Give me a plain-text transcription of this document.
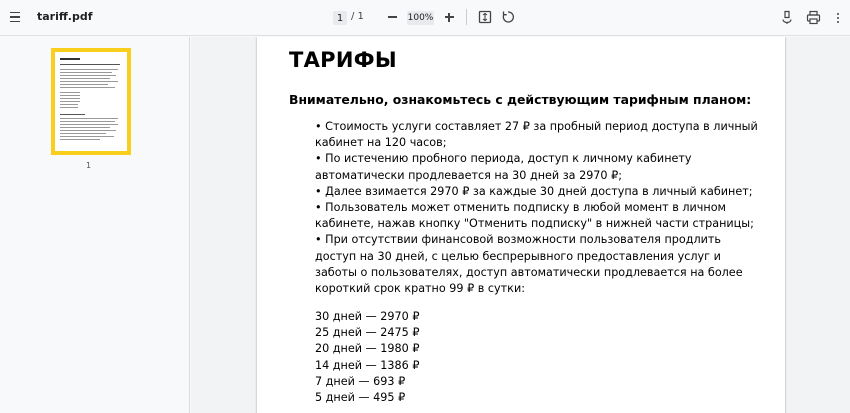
tariff.pdf	1 / 1	100%
1
ТАРИФЫ
Внимательно, ознакомьтесь с действующим тарифным планом:

• Стоимость услуги составляет 27 ₽ за пробный период доступа в личный кабинет на 120 часов;

• По истечению пробного периода, доступ к личному кабинету автоматически продлевается на 30 дней за 2970 ₽;

• Далее взимается 2970 ₽ за каждые 30 дней доступа в личный кабинет;

• Пользователь может отменить подписку в любой момент в личном кабинете, нажав кнопку "Отменить подписку" в нижней части страницы;

• При отсутствии финансовой возможности пользователя продлить доступ на 30 дней, с целью беспрерывного предоставления услуг и заботы о пользователях, доступ автоматически продлевается на более короткий срок кратно 99 ₽ в сутки:

30 дней — 2970 ₽

25 дней — 2475 ₽

20 дней — 1980 ₽

14 дней — 1386 ₽

7 дней — 693 ₽

5 дней — 495 ₽
